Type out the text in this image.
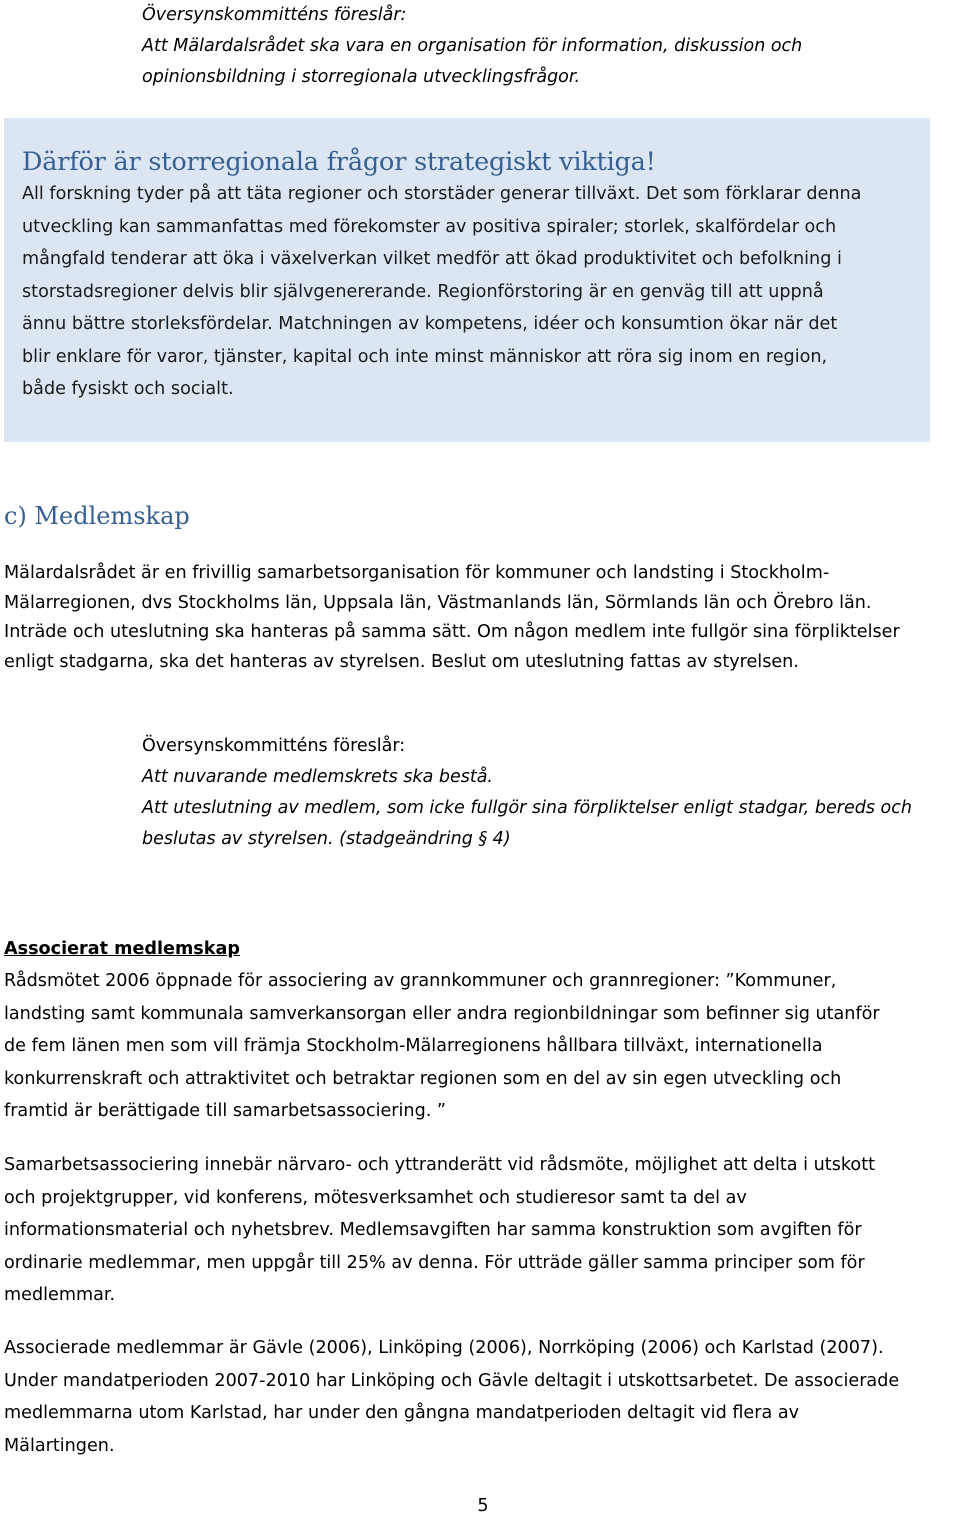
Översynskommitténs föreslår:

Att Mälardalsrådet ska vara en organisation för information, diskussion och

opinionsbildning i storregionala utvecklingsfrågor.

Därför är storregionala frågor strategiskt viktiga!

All forskning tyder på att täta regioner och storstäder generar tillväxt. Det som förklarar denna

utveckling kan sammanfattas med förekomster av positiva spiraler; storlek, skalfördelar och

mångfald tenderar att öka i växelverkan vilket medför att ökad produktivitet och befolkning i

storstadsregioner delvis blir självgenererande. Regionförstoring är en genväg till att uppnå

ännu bättre storleksfördelar. Matchningen av kompetens, idéer och konsumtion ökar när det

blir enklare för varor, tjänster, kapital och inte minst människor att röra sig inom en region,

både fysiskt och socialt.

c) Medlemskap

Mälardalsrådet är en frivillig samarbetsorganisation för kommuner och landsting i Stockholm-

Mälarregionen, dvs Stockholms län, Uppsala län, Västmanlands län, Sörmlands län och Örebro län.

Inträde och uteslutning ska hanteras på samma sätt. Om någon medlem inte fullgör sina förpliktelser

enligt stadgarna, ska det hanteras av styrelsen. Beslut om uteslutning fattas av styrelsen.

Översynskommitténs föreslår:

Att nuvarande medlemskrets ska bestå.

Att uteslutning av medlem, som icke fullgör sina förpliktelser enligt stadgar, bereds och

beslutas av styrelsen. (stadgeändring § 4)

Associerat medlemskap

Rådsmötet 2006 öppnade för associering av grannkommuner och grannregioner: ”Kommuner,

landsting samt kommunala samverkansorgan eller andra regionbildningar som befinner sig utanför

de fem länen men som vill främja Stockholm-Mälarregionens hållbara tillväxt, internationella

konkurrenskraft och attraktivitet och betraktar regionen som en del av sin egen utveckling och

framtid är berättigade till samarbetsassociering. ”

Samarbetsassociering innebär närvaro- och yttranderätt vid rådsmöte, möjlighet att delta i utskott

och projektgrupper, vid konferens, mötesverksamhet och studieresor samt ta del av

informationsmaterial och nyhetsbrev. Medlemsavgiften har samma konstruktion som avgiften för

ordinarie medlemmar, men uppgår till 25% av denna. För utträde gäller samma principer som för

medlemmar.

Associerade medlemmar är Gävle (2006), Linköping (2006), Norrköping (2006) och Karlstad (2007).

Under mandatperioden 2007-2010 har Linköping och Gävle deltagit i utskottsarbetet. De associerade

medlemmarna utom Karlstad, har under den gångna mandatperioden deltagit vid flera av

Mälartingen.

5
